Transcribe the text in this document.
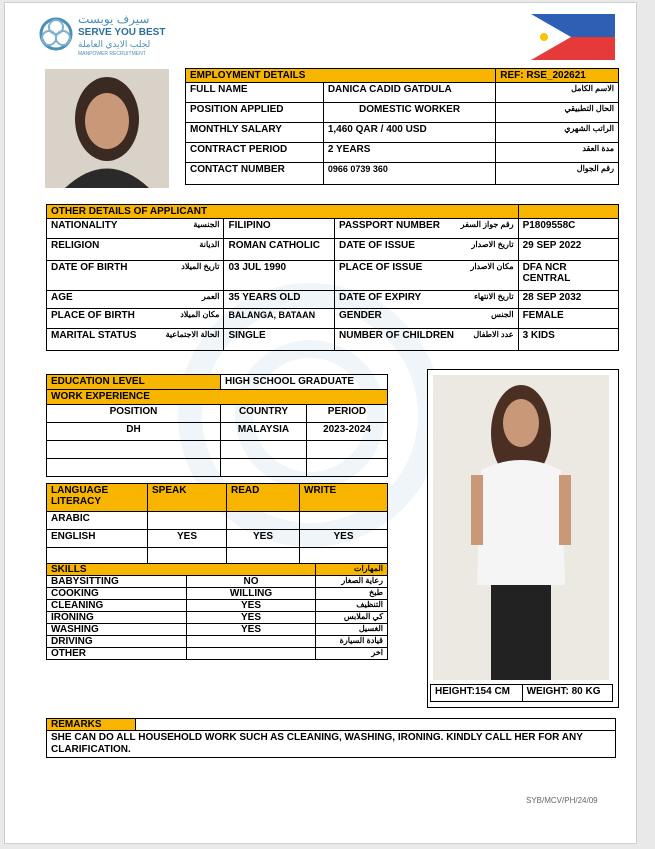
سيرف يوبست
SERVE YOU BEST
لجلب الايدي العاملة
MANPOWER RECRUITMENT
EMPLOYMENT DETAILS		REF: RSE_202621
FULL NAME	DANICA CADID GATDULA	الاسم الكامل
POSITION APPLIED	DOMESTIC WORKER	الحال التطبيقي
MONTHLY SALARY	1,460 QAR / 400 USD	الراتب الشهري
CONTRACT PERIOD	2 YEARS	مدة العقد
CONTACT NUMBER	0966 0739 360	رقم الجوال
OTHER DETAILS OF APPLICANT			
NATIONALITY الجنسية	FILIPINO	PASSPORT NUMBER رقم جواز السفر	P1809558C
RELIGION الديانة	ROMAN CATHOLIC	DATE OF ISSUE تاريخ الاصدار	29 SEP 2022
DATE OF BIRTH تاريخ الميلاد	03 JUL 1990	PLACE OF ISSUE مكان الاصدار	DFA NCR CENTRAL
AGE العمر	35 YEARS OLD	DATE OF EXPIRY تاريخ الانتهاء	28 SEP 2032
PLACE OF BIRTH مكان الميلاد	BALANGA, BATAAN	GENDER الجنس	FEMALE
MARITAL STATUS الحالة الاجتماعية	SINGLE	NUMBER OF CHILDREN عدد الاطفال	3 KIDS
EDUCATION LEVEL	HIGH SCHOOL GRADUATE	
WORK EXPERIENCE		
POSITION	COUNTRY	PERIOD
DH	MALAYSIA	2023-2024

LANGUAGE LITERACY	SPEAK	READ	WRITE
ARABIC			
ENGLISH	YES	YES	YES

SKILLS		المهارات
BABYSITTING	NO	رعاية الصغار
COOKING	WILLING	طبخ
CLEANING	YES	التنظيف
IRONING	YES	كي الملابس
WASHING	YES	الغسيل
DRIVING		قيادة السيارة
OTHER		اخر
HEIGHT:154 CM	WEIGHT: 80 KG
REMARKS	
SHE CAN DO ALL HOUSEHOLD WORK SUCH AS CLEANING, WASHING, IRONING. KINDLY CALL HER FOR ANY CLARIFICATION.
SYB/MCV/PH/24/09
